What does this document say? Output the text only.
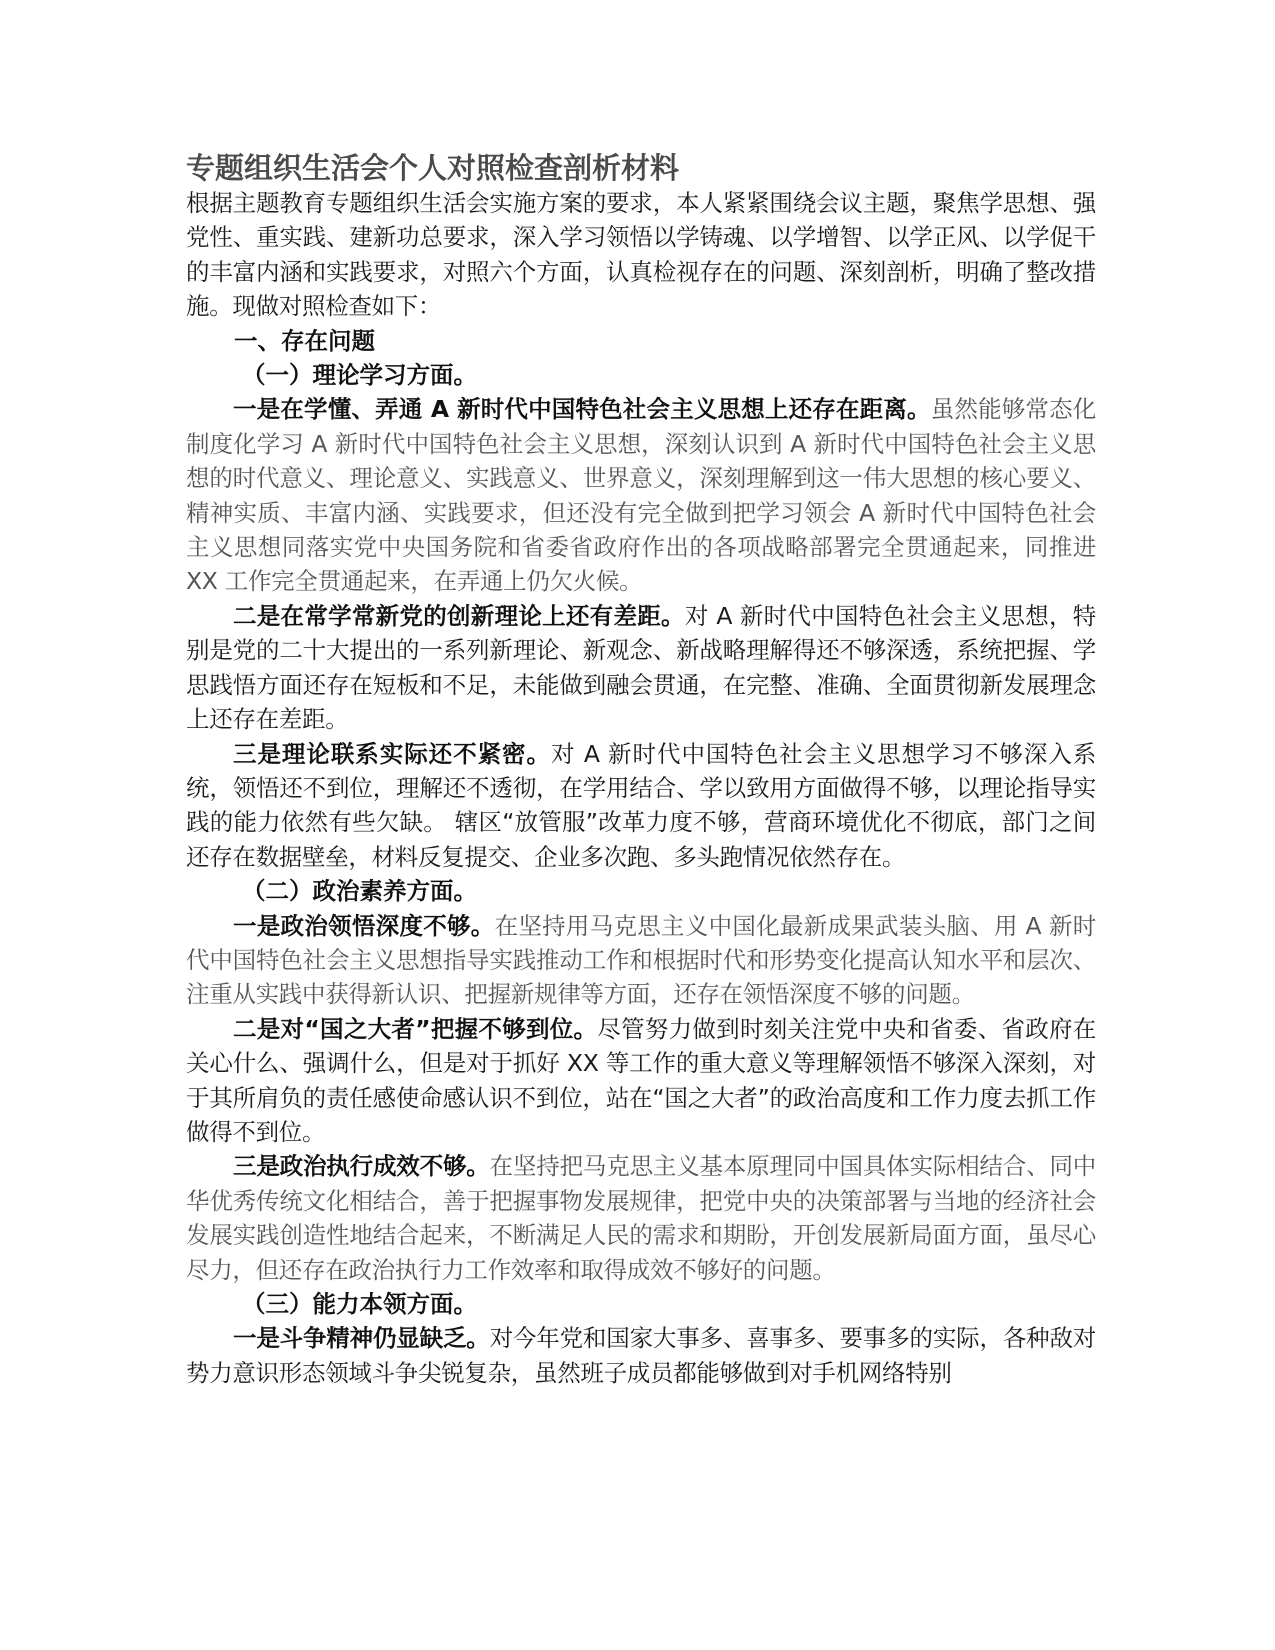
专题组织生活会个人对照检查剖析材料

根据主题教育专题组织生活会实施方案的要求，本人紧紧围绕会议主题，聚焦学思想、强党性、重实践、建新功总要求，深入学习领悟以学铸魂、以学增智、以学正风、以学促干的丰富内涵和实践要求，对照六个方面，认真检视存在的问题、深刻剖析，明确了整改措施。现做对照检查如下：

一、存在问题

（一）理论学习方面。

一是在学懂、弄通 A 新时代中国特色社会主义思想上还存在距离。虽然能够常态化制度化学习 A 新时代中国特色社会主义思想，深刻认识到 A 新时代中国特色社会主义思想的时代意义、理论意义、实践意义、世界意义，深刻理解到这一伟大思想的核心要义、精神实质、丰富内涵、实践要求，但还没有完全做到把学习领会 A 新时代中国特色社会主义思想同落实党中央国务院和省委省政府作出的各项战略部署完全贯通起来，同推进 XX 工作完全贯通起来，在弄通上仍欠火候。

二是在常学常新党的创新理论上还有差距。对 A 新时代中国特色社会主义思想，特别是党的二十大提出的一系列新理论、新观念、新战略理解得还不够深透，系统把握、学思践悟方面还存在短板和不足，未能做到融会贯通，在完整、准确、全面贯彻新发展理念上还存在差距。

三是理论联系实际还不紧密。对 A 新时代中国特色社会主义思想学习不够深入系统，领悟还不到位，理解还不透彻，在学用结合、学以致用方面做得不够，以理论指导实践的能力依然有些欠缺。 辖区“放管服”改革力度不够，营商环境优化不彻底，部门之间还存在数据壁垒，材料反复提交、企业多次跑、多头跑情况依然存在。

（二）政治素养方面。

一是政治领悟深度不够。在坚持用马克思主义中国化最新成果武装头脑、用 A 新时代中国特色社会主义思想指导实践推动工作和根据时代和形势变化提高认知水平和层次、注重从实践中获得新认识、把握新规律等方面，还存在领悟深度不够的问题。

二是对“国之大者”把握不够到位。尽管努力做到时刻关注党中央和省委、省政府在关心什么、强调什么，但是对于抓好 XX 等工作的重大意义等理解领悟不够深入深刻，对于其所肩负的责任感使命感认识不到位，站在“国之大者”的政治高度和工作力度去抓工作做得不到位。

三是政治执行成效不够。在坚持把马克思主义基本原理同中国具体实际相结合、同中华优秀传统文化相结合，善于把握事物发展规律，把党中央的决策部署与当地的经济社会发展实践创造性地结合起来，不断满足人民的需求和期盼，开创发展新局面方面，虽尽心尽力，但还存在政治执行力工作效率和取得成效不够好的问题。

（三）能力本领方面。

一是斗争精神仍显缺乏。对今年党和国家大事多、喜事多、要事多的实际，各种敌对势力意识形态领域斗争尖锐复杂，虽然班子成员都能够做到对手机网络特别
